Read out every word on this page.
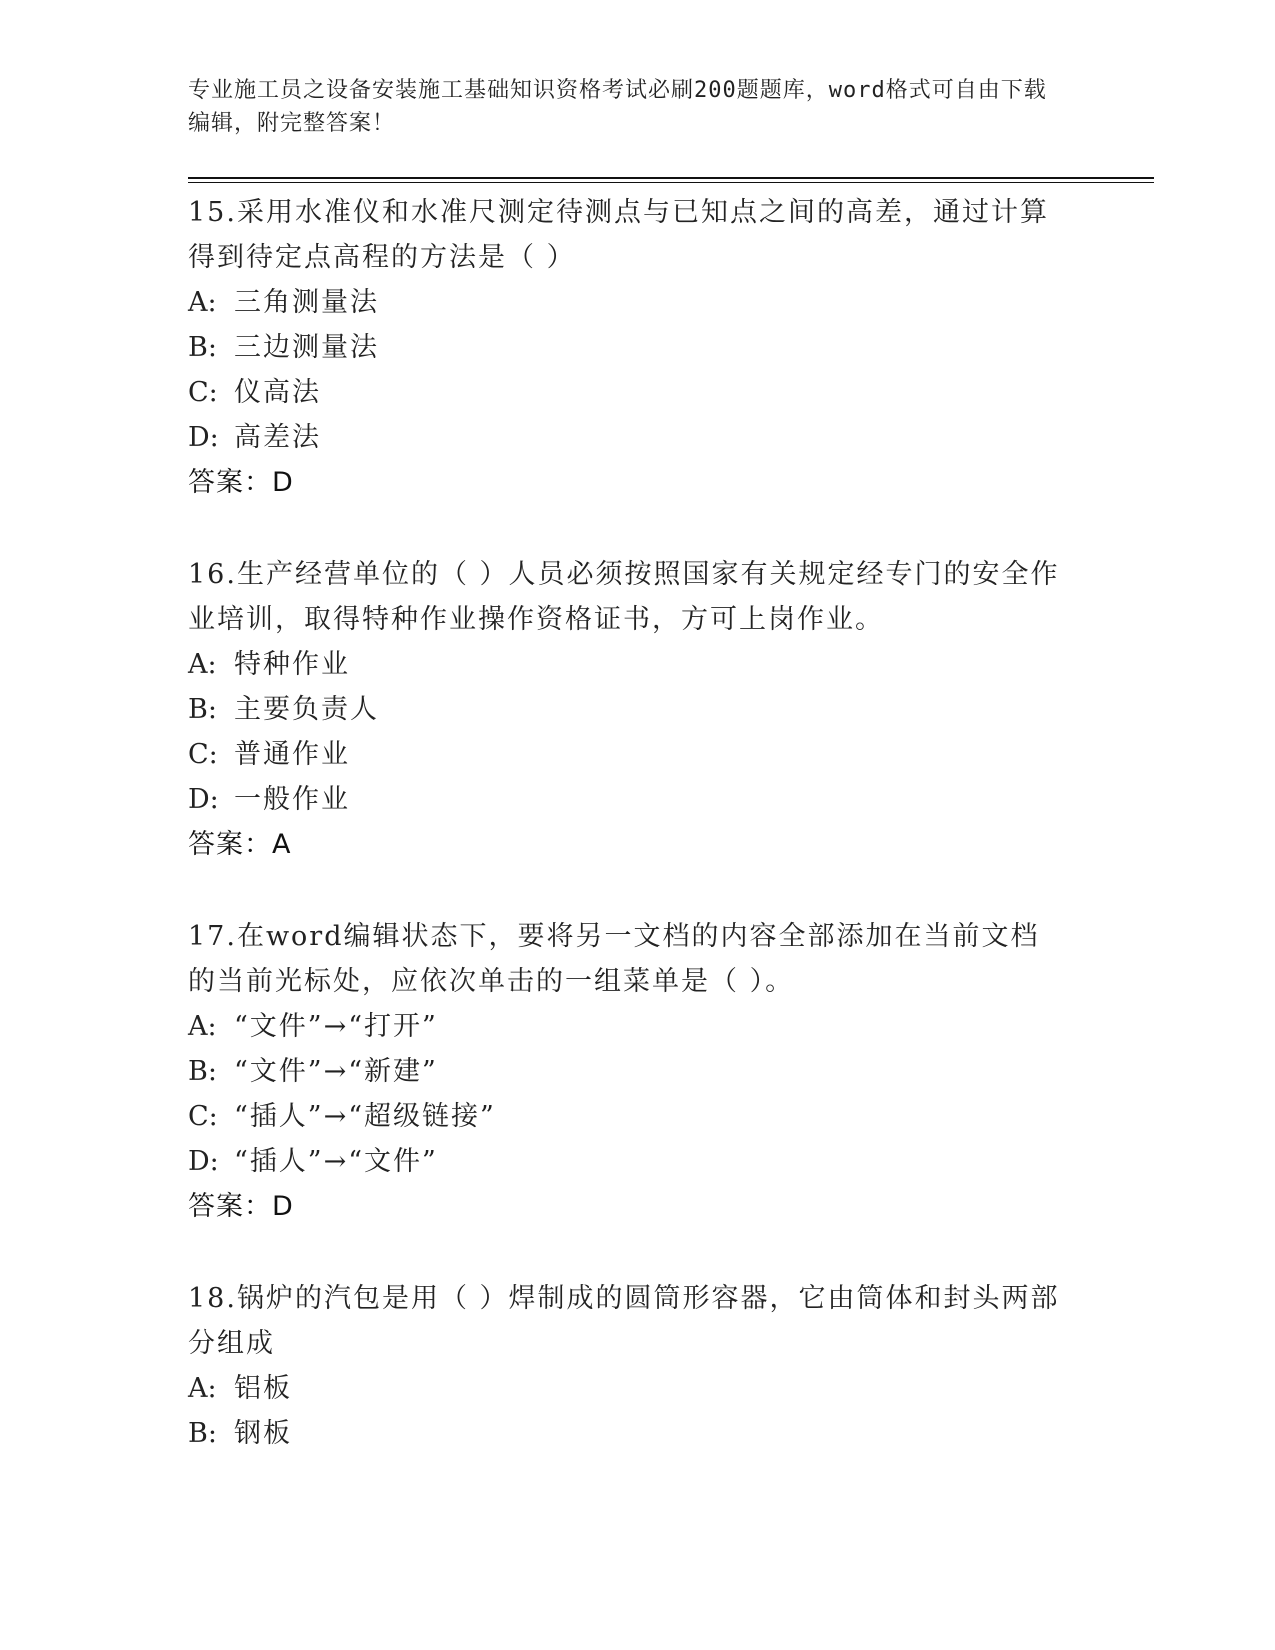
专业施工员之设备安装施工基础知识资格考试必刷200题题库，word格式可自由下载编辑，附完整答案！
15.采用水准仪和水准尺测定待测点与已知点之间的高差，通过计算得到待定点高程的方法是（ ）
A: 三角测量法
B: 三边测量法
C: 仪高法
D: 高差法
答案：D
16.生产经营单位的（ ）人员必须按照国家有关规定经专门的安全作业培训，取得特种作业操作资格证书，方可上岗作业。
A: 特种作业
B: 主要负责人
C: 普通作业
D: 一般作业
答案：A
17.在word编辑状态下，要将另一文档的内容全部添加在当前文档的当前光标处，应依次单击的一组菜单是（ ）。
A: “文件”→“打开”
B: “文件”→“新建”
C: “插人”→“超级链接”
D: “插人”→“文件”
答案：D
18.锅炉的汽包是用（ ）焊制成的圆筒形容器，它由筒体和封头两部分组成
A: 铝板
B: 钢板
